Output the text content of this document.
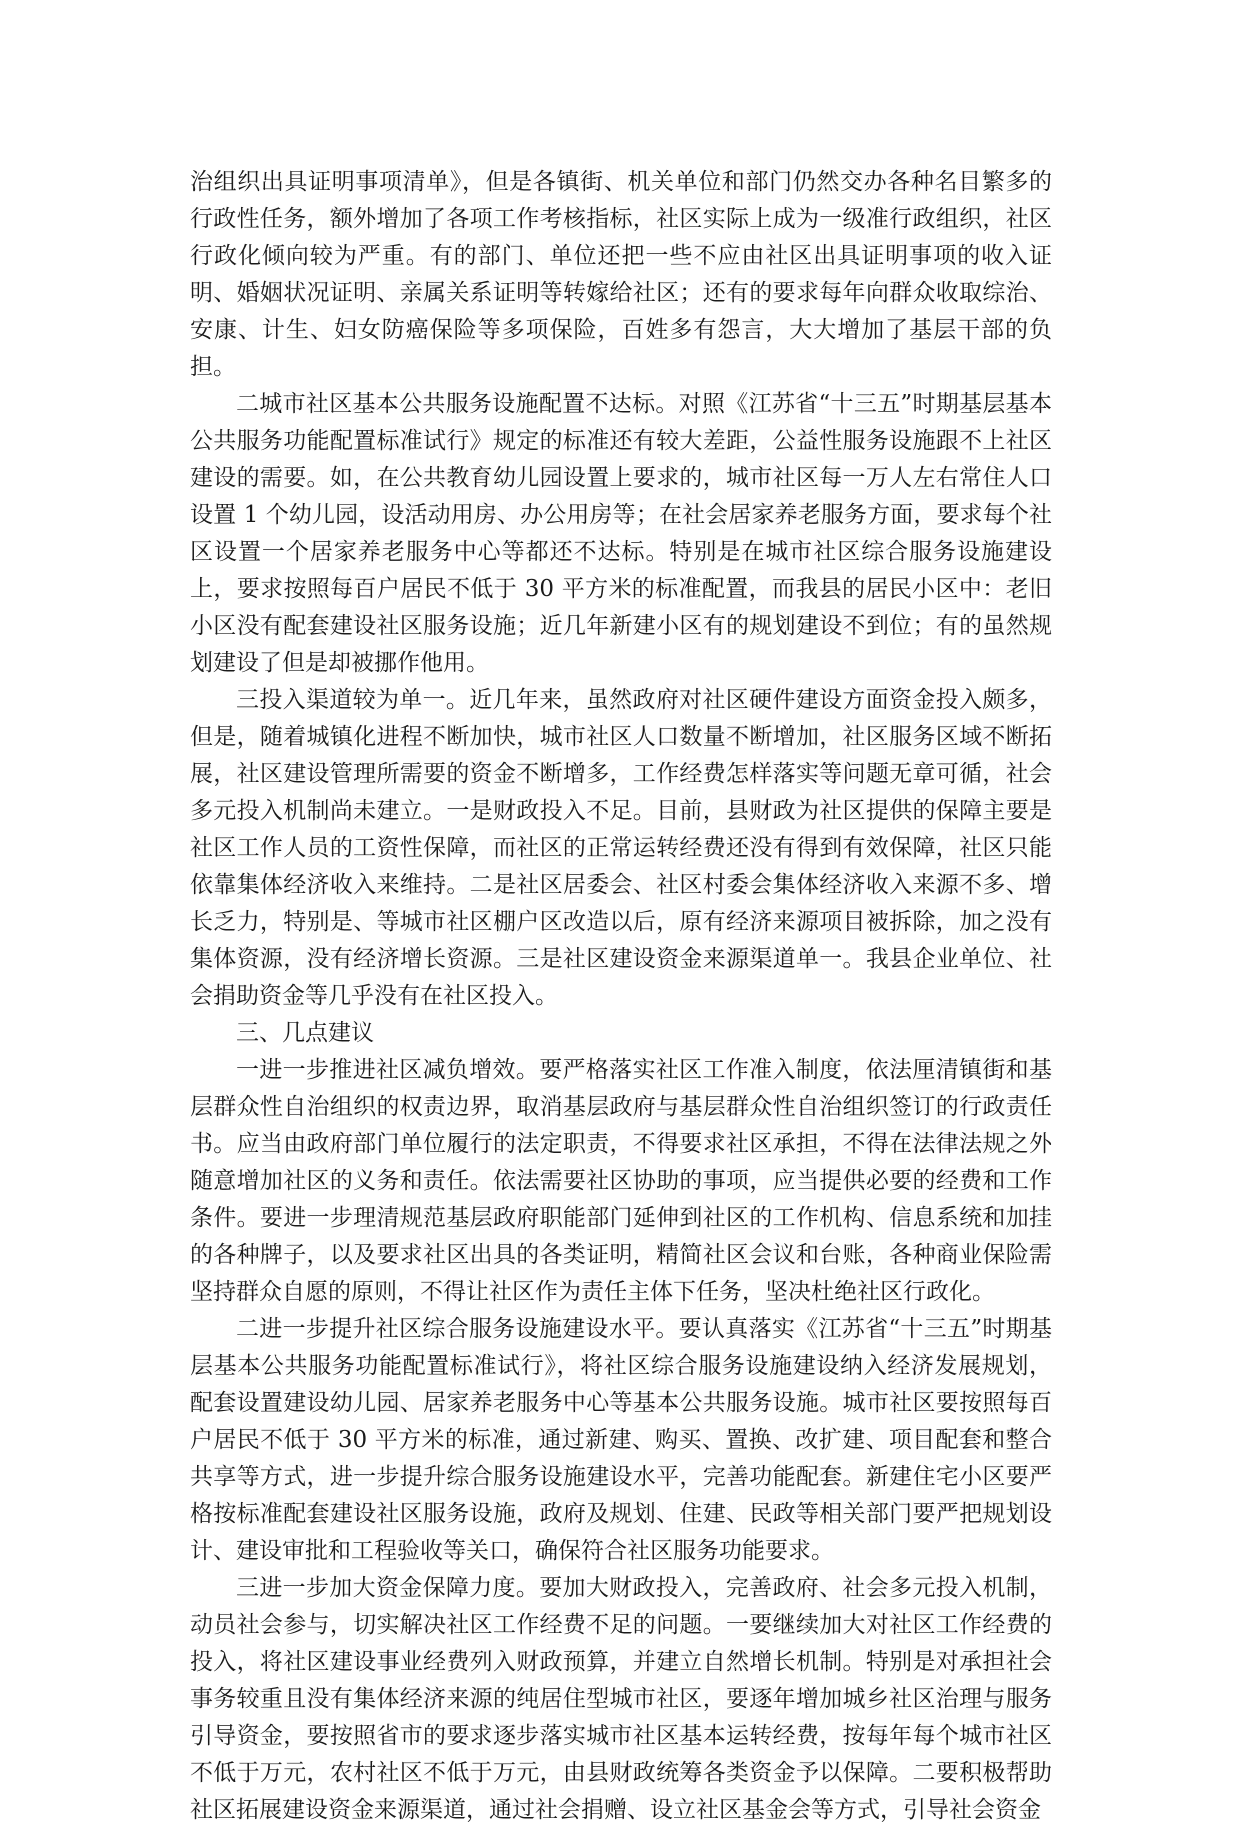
治组织出具证明事项清单》，但是各镇街、机关单位和部门仍然交办各种名目繁多的行政性任务，额外增加了各项工作考核指标，社区实际上成为一级准行政组织，社区行政化倾向较为严重。有的部门、单位还把一些不应由社区出具证明事项的收入证明、婚姻状况证明、亲属关系证明等转嫁给社区；还有的要求每年向群众收取综治、安康、计生、妇女防癌保险等多项保险，百姓多有怨言，大大增加了基层干部的负担。

二城市社区基本公共服务设施配置不达标。对照《江苏省“十三五”时期基层基本公共服务功能配置标准试行》规定的标准还有较大差距，公益性服务设施跟不上社区建设的需要。如，在公共教育幼儿园设置上要求的，城市社区每一万人左右常住人口设置 1 个幼儿园，设活动用房、办公用房等；在社会居家养老服务方面，要求每个社区设置一个居家养老服务中心等都还不达标。特别是在城市社区综合服务设施建设上，要求按照每百户居民不低于 30 平方米的标准配置，而我县的居民小区中：老旧小区没有配套建设社区服务设施；近几年新建小区有的规划建设不到位；有的虽然规划建设了但是却被挪作他用。

三投入渠道较为单一。近几年来，虽然政府对社区硬件建设方面资金投入颇多，但是，随着城镇化进程不断加快，城市社区人口数量不断增加，社区服务区域不断拓展，社区建设管理所需要的资金不断增多，工作经费怎样落实等问题无章可循，社会多元投入机制尚未建立。一是财政投入不足。目前，县财政为社区提供的保障主要是社区工作人员的工资性保障，而社区的正常运转经费还没有得到有效保障，社区只能依靠集体经济收入来维持。二是社区居委会、社区村委会集体经济收入来源不多、增长乏力，特别是、等城市社区棚户区改造以后，原有经济来源项目被拆除，加之没有集体资源，没有经济增长资源。三是社区建设资金来源渠道单一。我县企业单位、社会捐助资金等几乎没有在社区投入。

三、几点建议

一进一步推进社区减负增效。要严格落实社区工作准入制度，依法厘清镇街和基层群众性自治组织的权责边界，取消基层政府与基层群众性自治组织签订的行政责任书。应当由政府部门单位履行的法定职责，不得要求社区承担，不得在法律法规之外随意增加社区的义务和责任。依法需要社区协助的事项，应当提供必要的经费和工作条件。要进一步理清规范基层政府职能部门延伸到社区的工作机构、信息系统和加挂的各种牌子，以及要求社区出具的各类证明，精简社区会议和台账，各种商业保险需坚持群众自愿的原则，不得让社区作为责任主体下任务，坚决杜绝社区行政化。

二进一步提升社区综合服务设施建设水平。要认真落实《江苏省“十三五”时期基层基本公共服务功能配置标准试行》，将社区综合服务设施建设纳入经济发展规划，配套设置建设幼儿园、居家养老服务中心等基本公共服务设施。城市社区要按照每百户居民不低于 30 平方米的标准，通过新建、购买、置换、改扩建、项目配套和整合共享等方式，进一步提升综合服务设施建设水平，完善功能配套。新建住宅小区要严格按标准配套建设社区服务设施，政府及规划、住建、民政等相关部门要严把规划设计、建设审批和工程验收等关口，确保符合社区服务功能要求。

三进一步加大资金保障力度。要加大财政投入，完善政府、社会多元投入机制，动员社会参与，切实解决社区工作经费不足的问题。一要继续加大对社区工作经费的投入，将社区建设事业经费列入财政预算，并建立自然增长机制。特别是对承担社会事务较重且没有集体经济来源的纯居住型城市社区，要逐年增加城乡社区治理与服务引导资金，要按照省市的要求逐步落实城市社区基本运转经费，按每年每个城市社区不低于万元，农村社区不低于万元，由县财政统筹各类资金予以保障。二要积极帮助社区拓展建设资金来源渠道，通过社会捐赠、设立社区基金会等方式，引导社会资金
